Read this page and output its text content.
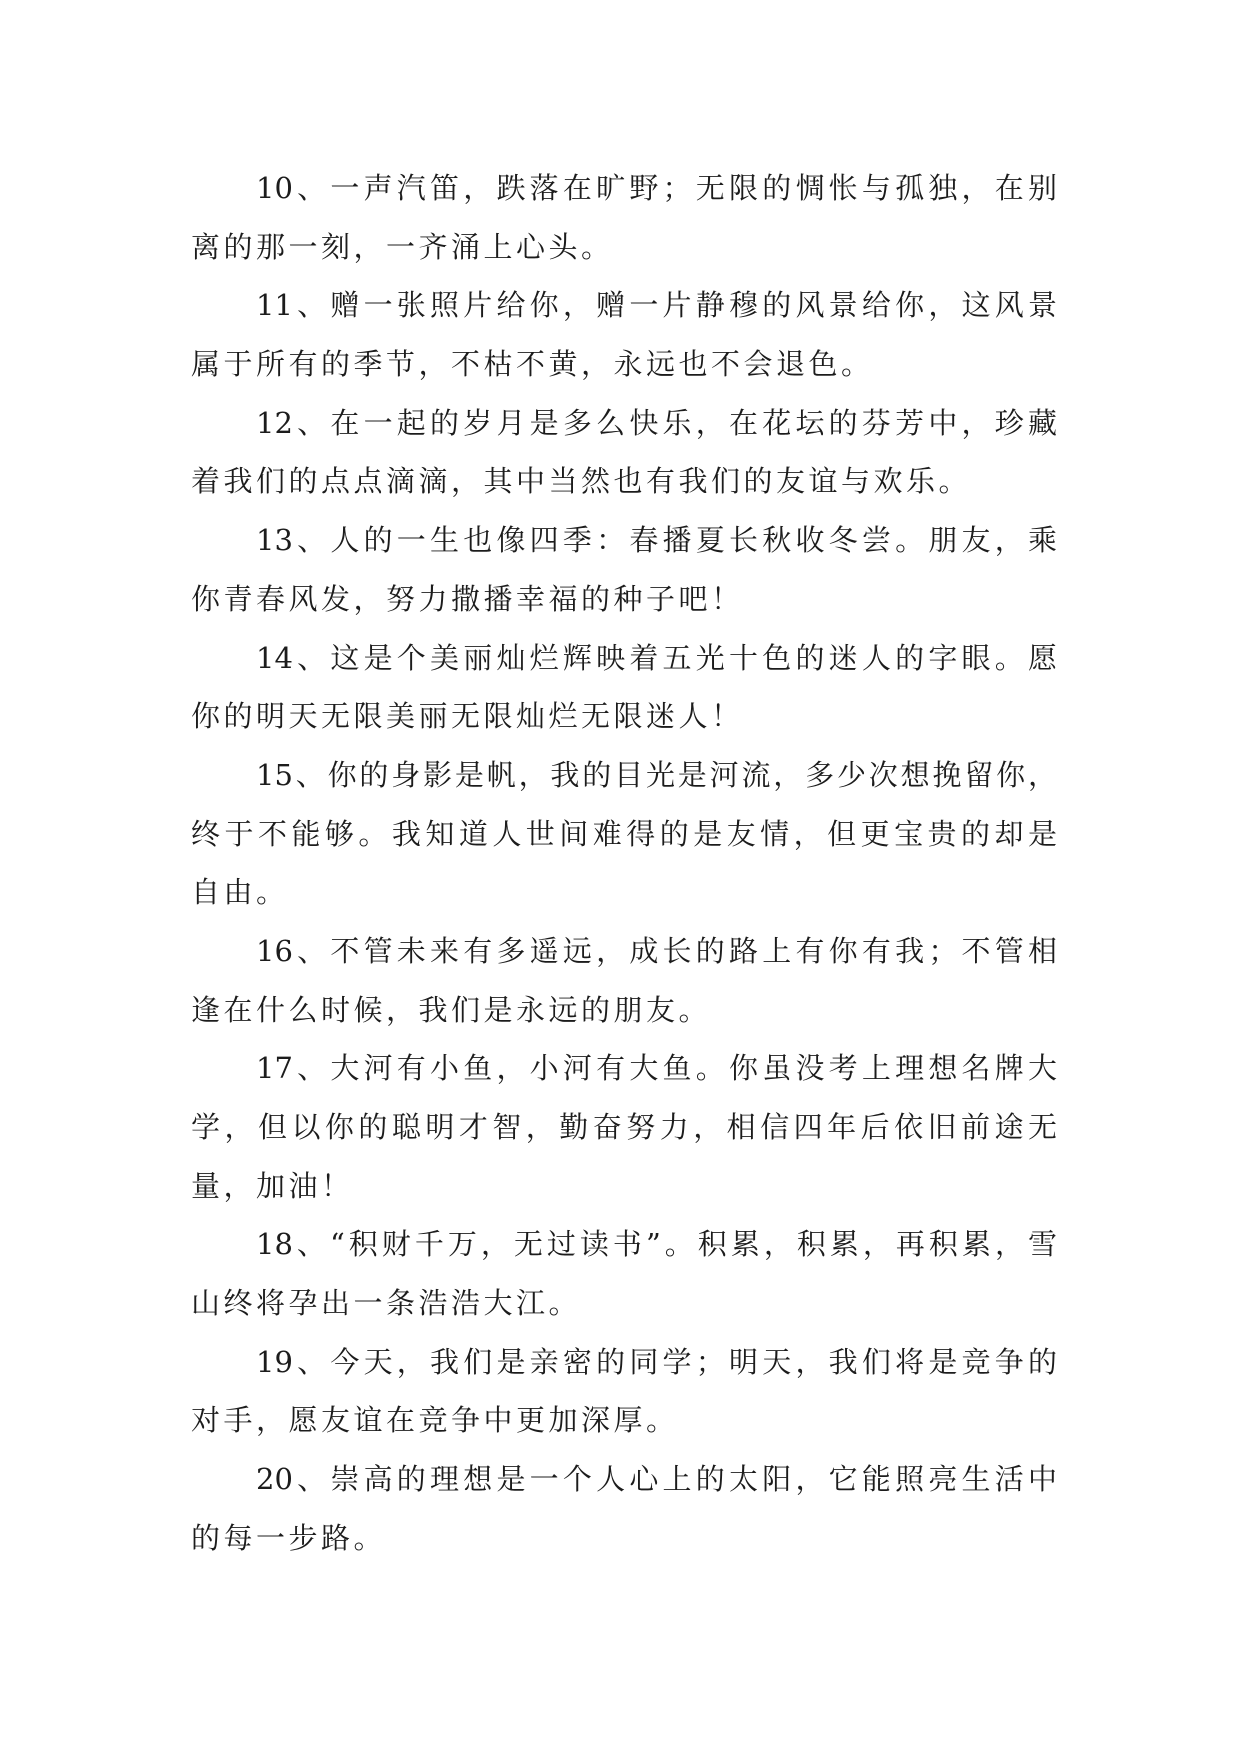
10、一声汽笛，跌落在旷野；无限的惆怅与孤独，在别
离的那一刻，一齐涌上心头。
11、赠一张照片给你，赠一片静穆的风景给你，这风景
属于所有的季节，不枯不黄，永远也不会退色。
12、在一起的岁月是多么快乐，在花坛的芬芳中，珍藏
着我们的点点滴滴，其中当然也有我们的友谊与欢乐。
13、人的一生也像四季：春播夏长秋收冬尝。朋友，乘
你青春风发，努力撒播幸福的种子吧！
14、这是个美丽灿烂辉映着五光十色的迷人的字眼。愿
你的明天无限美丽无限灿烂无限迷人！
15、你的身影是帆，我的目光是河流，多少次想挽留你，
终于不能够。我知道人世间难得的是友情，但更宝贵的却是
自由。
16、不管未来有多遥远，成长的路上有你有我；不管相
逢在什么时候，我们是永远的朋友。
17、大河有小鱼，小河有大鱼。你虽没考上理想名牌大
学，但以你的聪明才智，勤奋努力，相信四年后依旧前途无
量，加油！
18、“积财千万，无过读书”。积累，积累，再积累，雪
山终将孕出一条浩浩大江。
19、今天，我们是亲密的同学；明天，我们将是竞争的
对手，愿友谊在竞争中更加深厚。
20、崇高的理想是一个人心上的太阳，它能照亮生活中
的每一步路。
